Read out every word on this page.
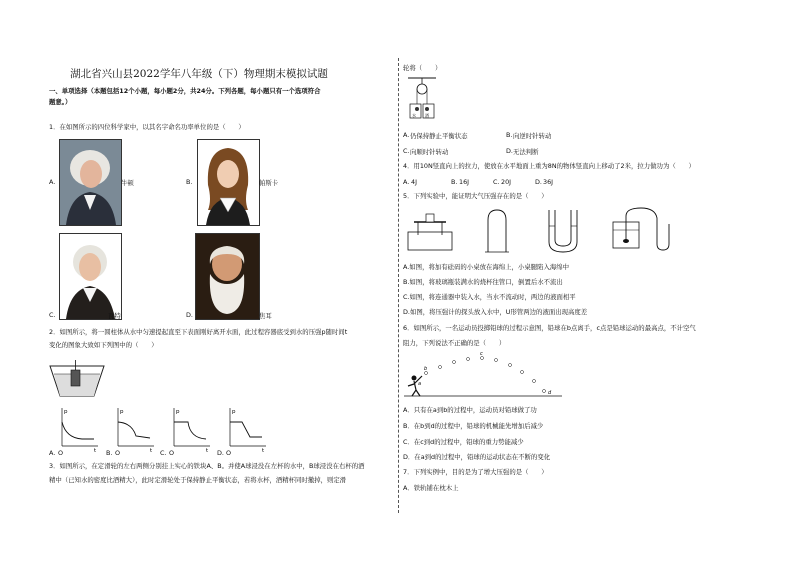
湖北省兴山县2022学年八年级（下）物理期末模拟试题
一、单项选择（本题包括12个小题，每小题2分，共24分。下列各题，每小题只有一个选项符合
题意。）
1．在如图所示的四位科学家中，以其名字命名功率单位的是（　　）
A.	牛顿	B.	帕斯卡
C.	瓦特	D.	焦耳
2．如图所示，将一圆柱体从水中匀速提起直至下表面刚好离开水面，此过程容器底受到水的压强p随时间t
变化的图象大致如下列图中的（　　）
p
t
p
t
p
t
p
t
A. O	B. O	C. O	D. O
3．如图所示，在定滑轮的左右两侧分别挂上实心的铁块A、B。并使A球浸没在左杯的水中，B球浸没在右杯的酒
精中（已知水的密度比酒精大），此时定滑轮处于保持静止平衡状态，若将水杯，酒精杯同时撤掉，则定滑
轮将（　　）
水 酒
A. 仍保持静止平衡状态	B. 向逆时针转动
C. 向顺时针转动	D. 无法判断
4．用10N竖直向上的拉力，使放在水平地面上重为8N的物体竖直向上移动了2米，拉力做功为（　　）
A. 4J	B. 16J	C. 20J	D. 36J
5．下列实验中，能证明大气压强存在的是（　　）
A.如图，将加有砝码的小桌放在海绵上，小桌腿陷入海绵中
B.如图，将玻璃瓶装满水的烧杯往管口，倒置后水不流出
C.如图，将连通器中装入水，当水不流动时，两边的液面相平
D.如图，将压强计的探头放入水中，U形管两边的液面出现高度差
6．如图所示，一名运动员投掷铅球的过程示意图，铅球在b点离手，c点是铅球运动的最高点，不计空气
阻力，下列说法不正确的是（　　）
a
b
c
d
A．只有在a到b的过程中，运动员对铅球做了功
B．在b到d的过程中，铅球的机械能先增加后减少
C．在c到d的过程中，铅球的重力势能减少
D．在a到d的过程中，铅球的运动状态在不断的变化
7．下列实例中，目的是为了增大压强的是（　　）
A．铁轨铺在枕木上
